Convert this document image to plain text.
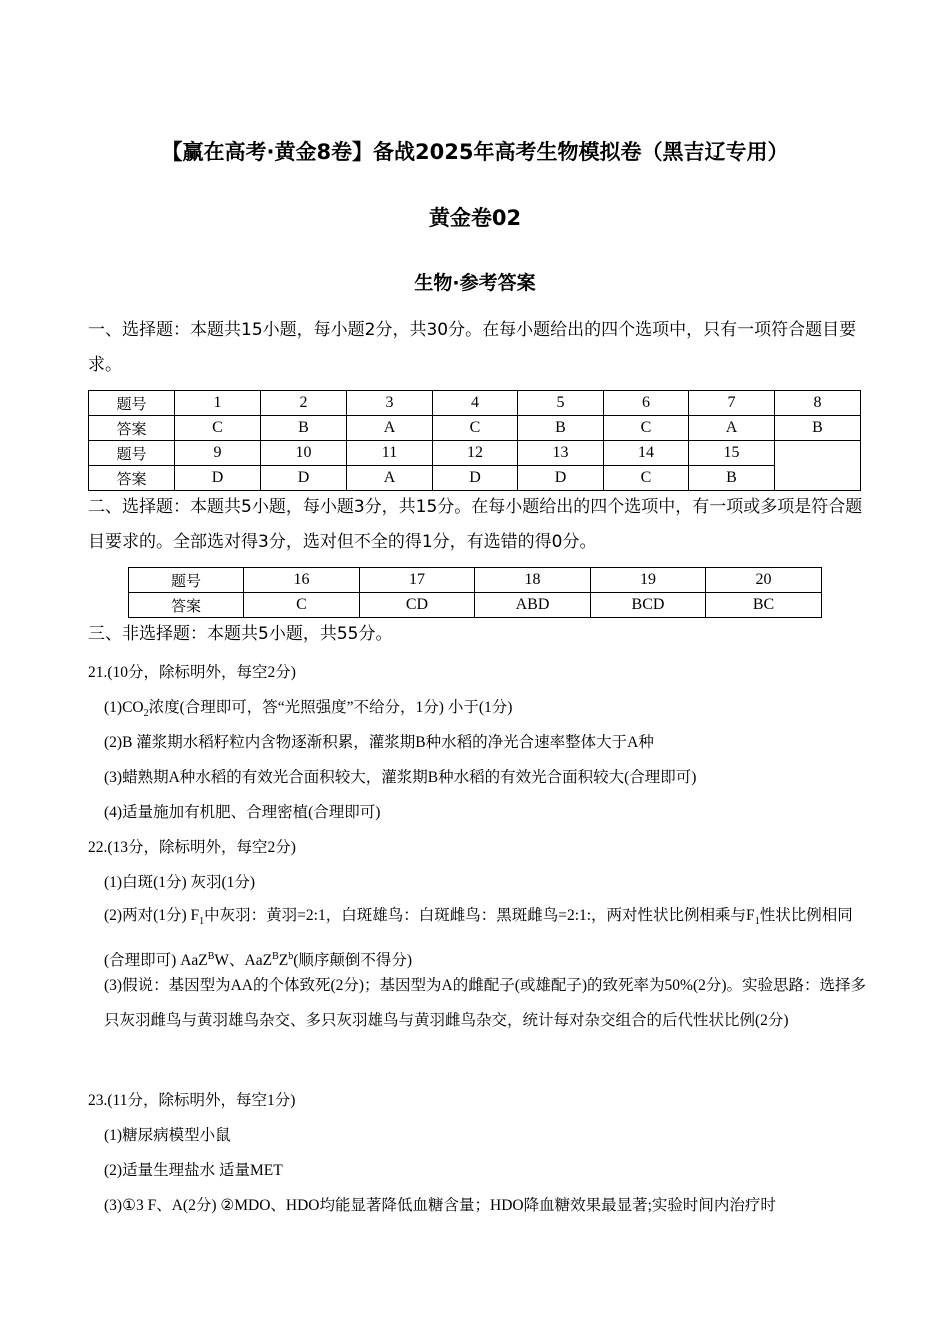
【赢在高考·黄金8卷】备战2025年高考生物模拟卷（黑吉辽专用）
黄金卷02
生物·参考答案
一、选择题：本题共15小题，每小题2分，共30分。在每小题给出的四个选项中，只有一项符合题目要求。
题号	1	2	3	4	5	6	7	8
答案	C	B	A	C	B	C	A	B
题号	9	10	11	12	13	14	15	
答案	D	D	A	D	D	C	B	
二、选择题：本题共5小题，每小题3分，共15分。在每小题给出的四个选项中，有一项或多项是符合题目要求的。全部选对得3分，选对但不全的得1分，有选错的得0分。
题号	16	17	18	19	20
答案	C	CD	ABD	BCD	BC
三、非选择题：本题共5小题，共55分。
21.(10分，除标明外，每空2分)
$(1)CO_2$浓度(合理即可，答“光照强度”不给分，1分) 小于(1分)
(2)B 灌浆期水稻籽粒内含物逐渐积累，灌浆期B种水稻的净光合速率整体大于A种
(3)蜡熟期A种水稻的有效光合面积较大，灌浆期B种水稻的有效光合面积较大(合理即可)
(4)适量施加有机肥、合理密植(合理即可)
22.(13分，除标明外，每空2分)
(1)白斑(1分) 灰羽(1分)
(2)两对(1分) $F_1$中灰羽：黄羽=2:1，白斑雄鸟：白斑雌鸟：黑斑雌鸟=2:1:，两对性状比例相乘与$F_1$性状比例相同(合理即可) AaZ$^B$W、$AaZ^BZ^b$(顺序颠倒不得分)
(3)假说：基因型为AA的个体致死(2分)；基因型为A的雌配子(或雄配子)的致死率为50%(2分)。实验思路：选择多只灰羽雌鸟与黄羽雄鸟杂交、多只灰羽雄鸟与黄羽雌鸟杂交，统计每对杂交组合的后代性状比例(2分)
23.(11分，除标明外，每空1分)
(1)糖尿病模型小鼠
(2)适量生理盐水 适量MET
(3)①3 F、A(2分) ②MDO、HDO均能显著降低血糖含量；HDO降血糖效果最显著;实验时间内治疗时
